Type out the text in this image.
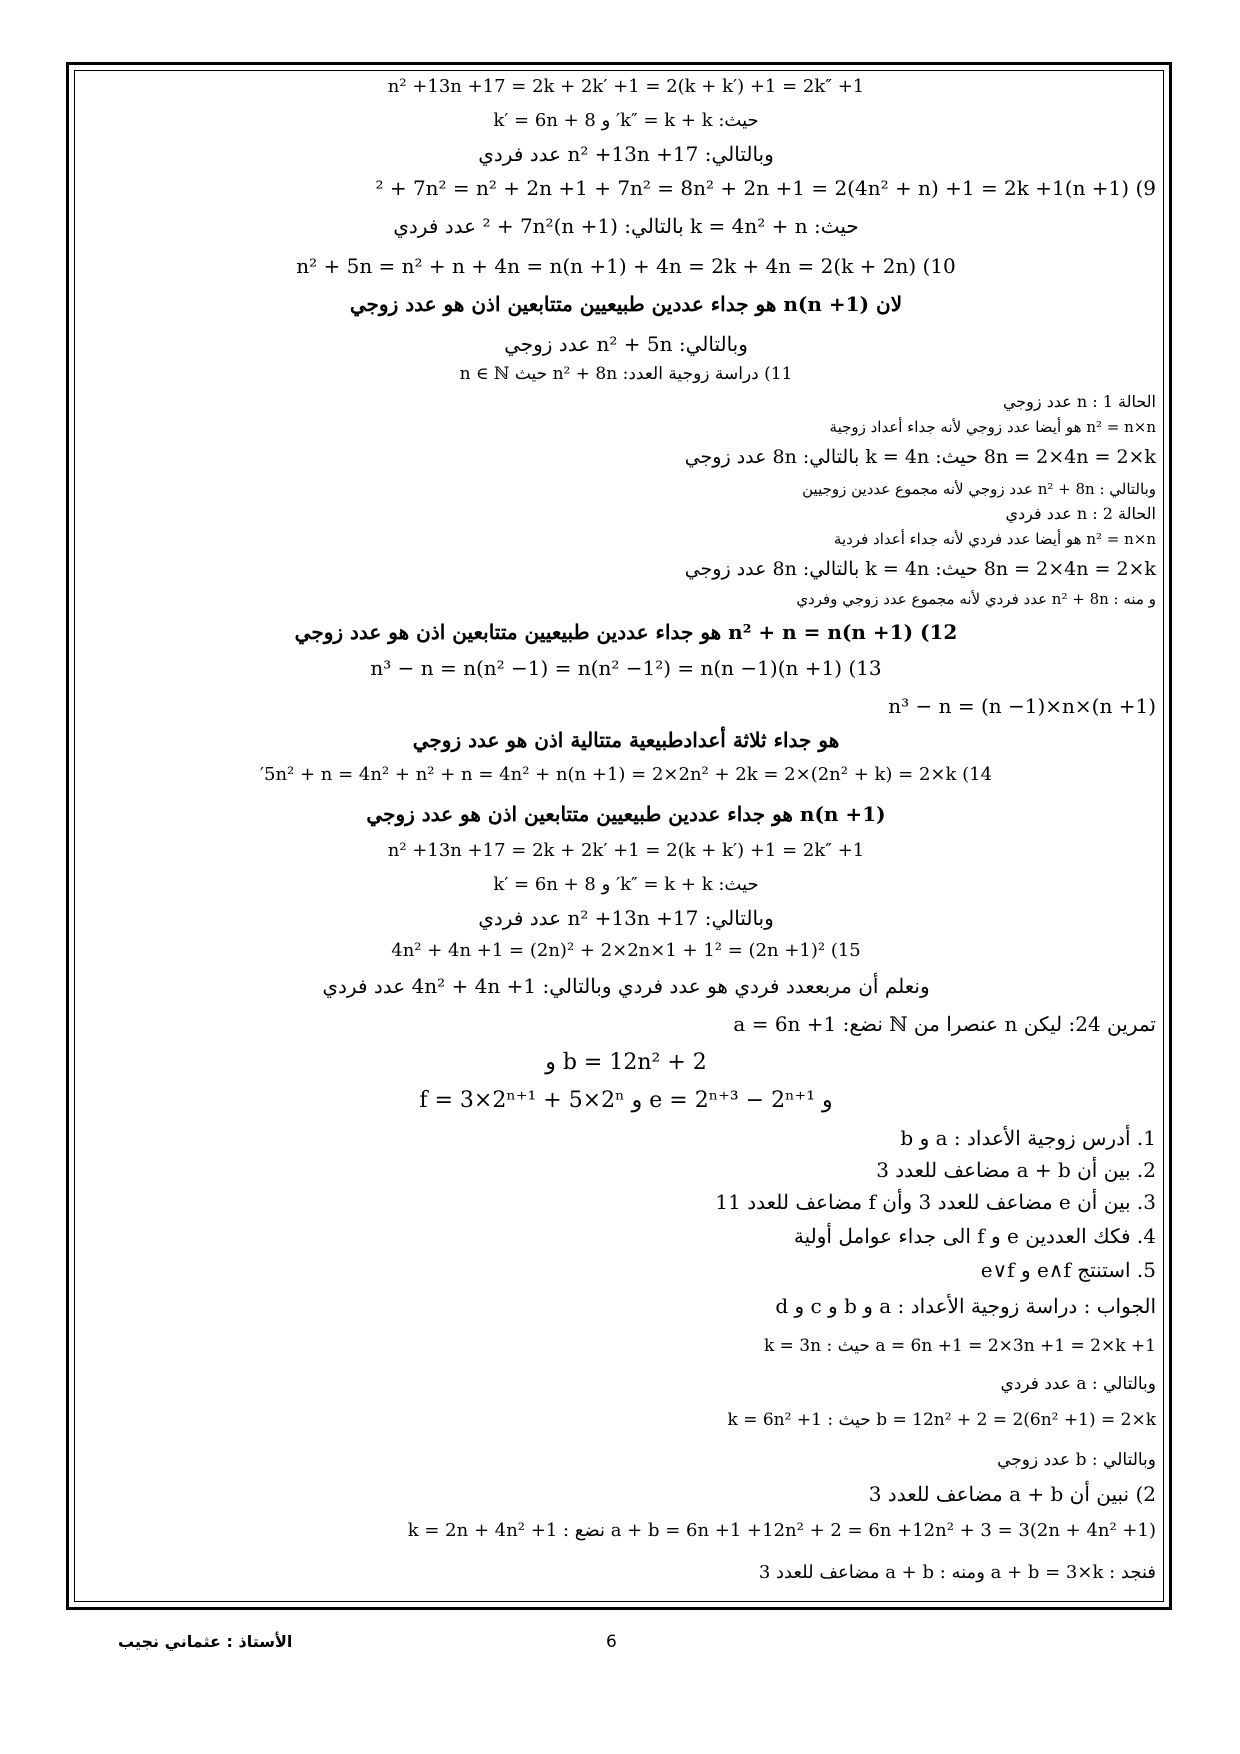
n² +13n +17 = 2k + 2k′ +1 = 2(k + k′) +1 = 2k″ +1
حيث: k″ = k + k′ و k′ = 6n + 8
وبالتالي: n² +13n +17 عدد فردي
9) (n +1)² + 7n² = n² + 2n +1 + 7n² = 8n² + 2n +1 = 2(4n² + n) +1 = 2k +1
حيث: k = 4n² + n بالتالي: (n +1)² + 7n² عدد فردي
10) n² + 5n = n² + n + 4n = n(n +1) + 4n = 2k + 4n = 2(k + 2n)
لان n(n +1) هو جداء عددين طبيعيين متتابعين اذن هو عدد زوجي
وبالتالي: n² + 5n عدد زوجي
11) دراسة زوجية العدد: n² + 8n حيث n ∈ ℕ
الحالة 1 : n عدد زوجي
n² = n×n هو أيضا عدد زوجي لأنه جداء أعداد زوجية
8n = 2×4n = 2×k حيث: k = 4n بالتالي: 8n عدد زوجي
وبالتالي : n² + 8n عدد زوجي لأنه مجموع عددين زوجيين
الحالة 2 : n عدد فردي
n² = n×n هو أيضا عدد فردي لأنه جداء أعداد فردية
8n = 2×4n = 2×k حيث: k = 4n بالتالي: 8n عدد زوجي
و منه : n² + 8n عدد فردي لأنه مجموع عدد زوجي وفردي
12) n² + n = n(n +1) هو جداء عددين طبيعيين متتابعين اذن هو عدد زوجي
13) n³ − n = n(n² −1) = n(n² −1²) = n(n −1)(n +1)
n³ − n = (n −1)×n×(n +1)
هو جداء ثلاثة أعدادطبيعية متتالية اذن هو عدد زوجي
14) 5n² + n = 4n² + n² + n = 4n² + n(n +1) = 2×2n² + 2k = 2×(2n² + k) = 2×k′
n(n +1) هو جداء عددين طبيعيين متتابعين اذن هو عدد زوجي
n² +13n +17 = 2k + 2k′ +1 = 2(k + k′) +1 = 2k″ +1
حيث: k″ = k + k′ و k′ = 6n + 8
وبالتالي: n² +13n +17 عدد فردي
15) 4n² + 4n +1 = (2n)² + 2×2n×1 + 1² = (2n +1)²
ونعلم أن مربععدد فردي هو عدد فردي وبالتالي: 4n² + 4n +1 عدد فردي
تمرين 24: ليكن n عنصرا من ℕ نضع: a = 6n +1
b = 12n² + 2 و
و e = 2ⁿ⁺³ − 2ⁿ⁺¹ و f = 3×2ⁿ⁺¹ + 5×2ⁿ
1. أدرس زوجية الأعداد : a و b
2. بين أن a + b مضاعف للعدد 3
3. بين أن e مضاعف للعدد 3 وأن f مضاعف للعدد 11
4. فكك العددين e و f الى جداء عوامل أولية
5. استنتج e∧f و e∨f
الجواب : دراسة زوجية الأعداد : a و b و c و d
a = 6n +1 = 2×3n +1 = 2×k +1 حيث : k = 3n
وبالتالي : a عدد فردي
b = 12n² + 2 = 2(6n² +1) = 2×k حيث : k = 6n² +1
وبالتالي : b عدد زوجي
2) نبين أن a + b مضاعف للعدد 3
a + b = 6n +1 +12n² + 2 = 6n +12n² + 3 = 3(2n + 4n² +1) نضع : k = 2n + 4n² +1
فنجد : a + b = 3×k ومنه : a + b مضاعف للعدد 3
الأستاذ : عثماني نجيب	6
